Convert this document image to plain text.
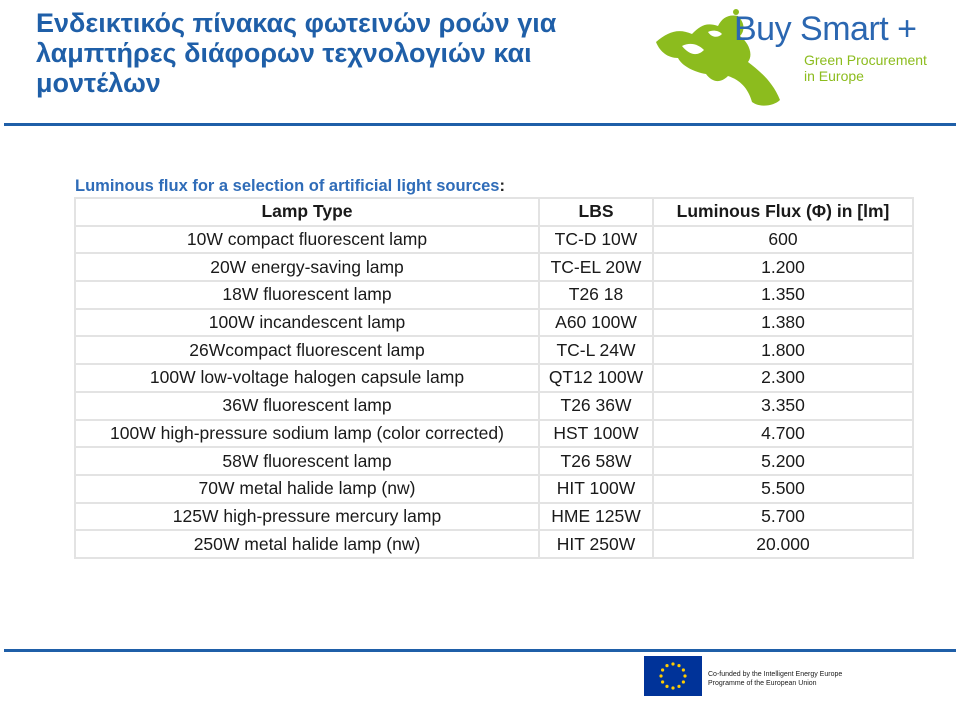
Ενδεικτικός πίνακας φωτεινών ροών για
λαμπτήρες διάφορων τεχνολογιών και
μοντέλων
Buy Smart +
Green Procurement
in Europe
Luminous flux for a selection of artificial light sources:
Lamp Type	LBS	Luminous Flux (Φ) in [lm]
10W compact fluorescent lamp	TC-D 10W	600
20W energy-saving lamp	TC-EL 20W	1.200
18W fluorescent lamp	T26 18	1.350
100W incandescent lamp	A60 100W	1.380
26Wcompact fluorescent lamp	TC-L 24W	1.800
100W low-voltage halogen capsule lamp	QT12 100W	2.300
36W fluorescent lamp	T26 36W	3.350
100W high-pressure sodium lamp (color corrected)	HST 100W	4.700
58W fluorescent lamp	T26 58W	5.200
70W metal halide lamp (nw)	HIT 100W	5.500
125W high-pressure mercury lamp	HME 125W	5.700
250W metal halide lamp (nw)	HIT 250W	20.000
Co-funded by the Intelligent Energy Europe
Programme of the European Union
